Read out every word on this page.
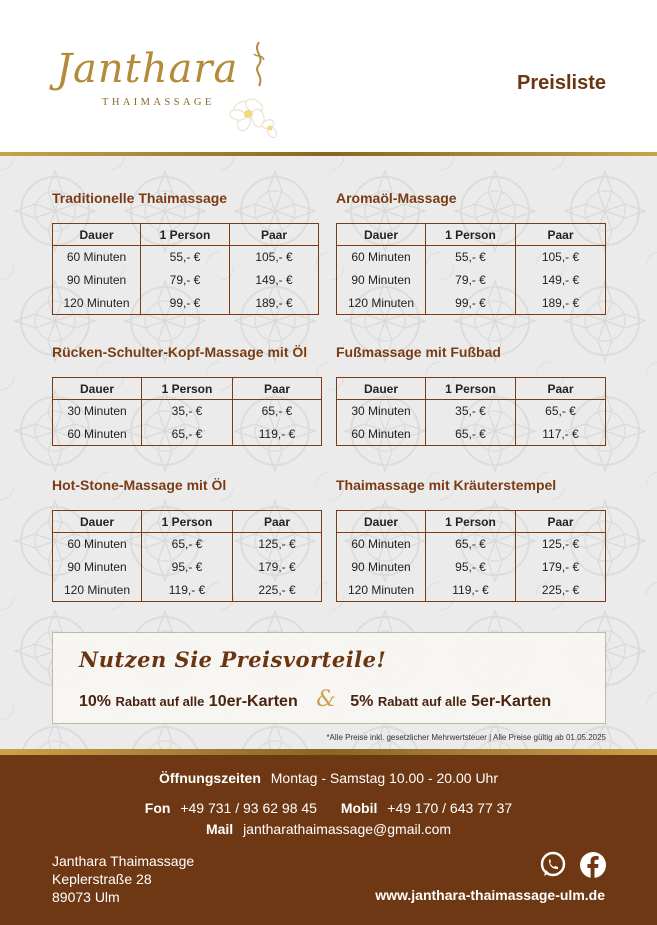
Janthara
THAIMASSAGE
Preisliste
Traditionelle Thaimassage
Dauer	1 Person	Paar
60 Minuten	55,- €	105,- €
90 Minuten	79,- €	149,- €
120 Minuten	99,- €	189,- €
Aromaöl-Massage
Dauer	1 Person	Paar
60 Minuten	55,- €	105,- €
90 Minuten	79,- €	149,- €
120 Minuten	99,- €	189,- €
Rücken-Schulter-Kopf-Massage mit Öl
Dauer	1 Person	Paar
30 Minuten	35,- €	65,- €
60 Minuten	65,- €	119,- €
Fußmassage mit Fußbad
Dauer	1 Person	Paar
30 Minuten	35,- €	65,- €
60 Minuten	65,- €	117,- €
Hot-Stone-Massage mit Öl
Dauer	1 Person	Paar
60 Minuten	65,- €	125,- €
90 Minuten	95,- €	179,- €
120 Minuten	119,- €	225,- €
Thaimassage mit Kräuterstempel
Dauer	1 Person	Paar
60 Minuten	65,- €	125,- €
90 Minuten	95,- €	179,- €
120 Minuten	119,- €	225,- €
Nutzen Sie Preisvorteile!
10% Rabatt auf alle 10er-Karten & 5% Rabatt auf alle 5er-Karten
*Alle Preise inkl. gesetzlicher Mehrwertsteuer | Alle Preise gültig ab 01.05.2025
Öffnungszeiten Montag - Samstag 10.00 - 20.00 Uhr
Fon +49 731 / 93 62 98 45 Mobil +49 170 / 643 77 37
Mail jantharathaimassage@gmail.com
Janthara Thaimassage
Keplerstraße 28
89073 Ulm
	www.janthara-thaimassage-ulm.de
